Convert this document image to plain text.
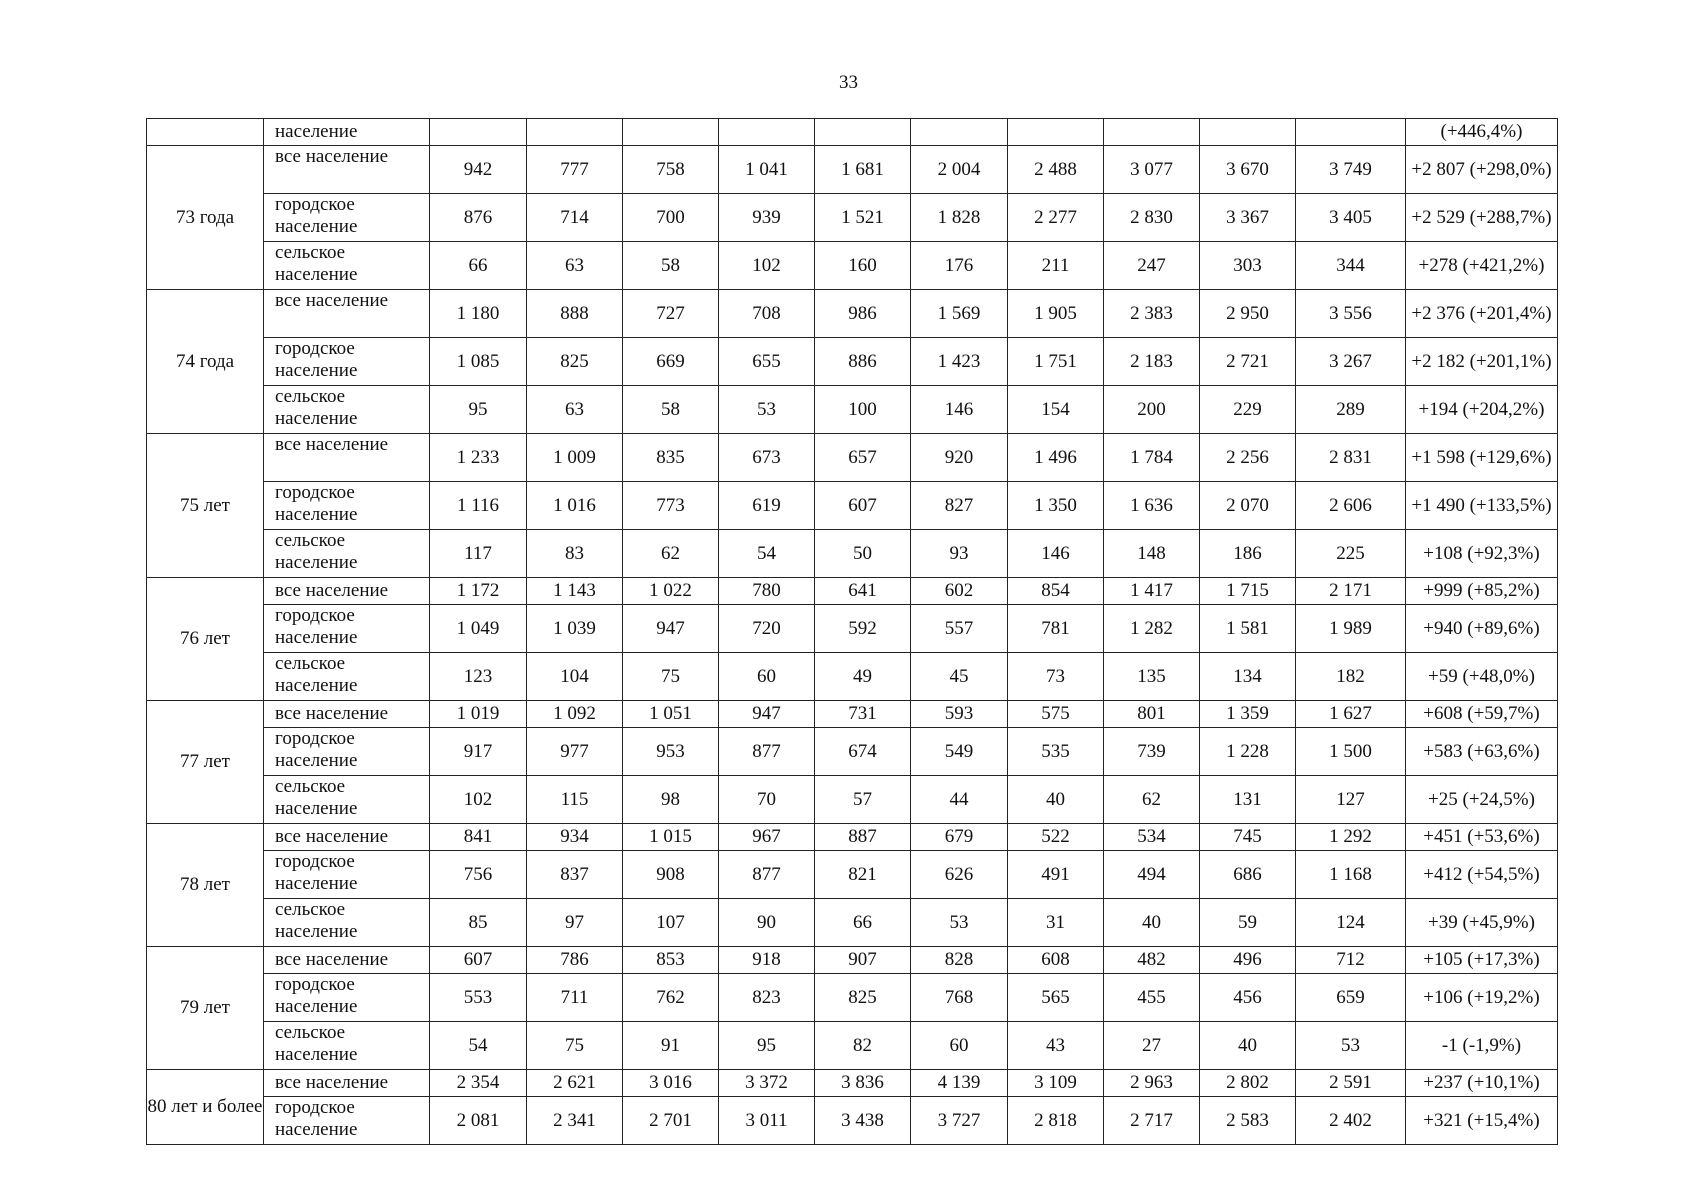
33
	население											(+446,4%)
73 года	все население	942	777	758	1 041	1 681	2 004	2 488	3 077	3 670	3 749	+2 807 (+298,0%)
	городское население	876	714	700	939	1 521	1 828	2 277	2 830	3 367	3 405	+2 529 (+288,7%)
	сельское население	66	63	58	102	160	176	211	247	303	344	+278 (+421,2%)
74 года	все население	1 180	888	727	708	986	1 569	1 905	2 383	2 950	3 556	+2 376 (+201,4%)
	городское население	1 085	825	669	655	886	1 423	1 751	2 183	2 721	3 267	+2 182 (+201,1%)
	сельское население	95	63	58	53	100	146	154	200	229	289	+194 (+204,2%)
75 лет	все население	1 233	1 009	835	673	657	920	1 496	1 784	2 256	2 831	+1 598 (+129,6%)
	городское население	1 116	1 016	773	619	607	827	1 350	1 636	2 070	2 606	+1 490 (+133,5%)
	сельское население	117	83	62	54	50	93	146	148	186	225	+108 (+92,3%)
76 лет	все население	1 172	1 143	1 022	780	641	602	854	1 417	1 715	2 171	+999 (+85,2%)
	городское население	1 049	1 039	947	720	592	557	781	1 282	1 581	1 989	+940 (+89,6%)
	сельское население	123	104	75	60	49	45	73	135	134	182	+59 (+48,0%)
77 лет	все население	1 019	1 092	1 051	947	731	593	575	801	1 359	1 627	+608 (+59,7%)
	городское население	917	977	953	877	674	549	535	739	1 228	1 500	+583 (+63,6%)
	сельское население	102	115	98	70	57	44	40	62	131	127	+25 (+24,5%)
78 лет	все население	841	934	1 015	967	887	679	522	534	745	1 292	+451 (+53,6%)
	городское население	756	837	908	877	821	626	491	494	686	1 168	+412 (+54,5%)
	сельское население	85	97	107	90	66	53	31	40	59	124	+39 (+45,9%)
79 лет	все население	607	786	853	918	907	828	608	482	496	712	+105 (+17,3%)
	городское население	553	711	762	823	825	768	565	455	456	659	+106 (+19,2%)
	сельское население	54	75	91	95	82	60	43	27	40	53	-1 (-1,9%)
80 лет и более	все население	2 354	2 621	3 016	3 372	3 836	4 139	3 109	2 963	2 802	2 591	+237 (+10,1%)
	городское население	2 081	2 341	2 701	3 011	3 438	3 727	2 818	2 717	2 583	2 402	+321 (+15,4%)
